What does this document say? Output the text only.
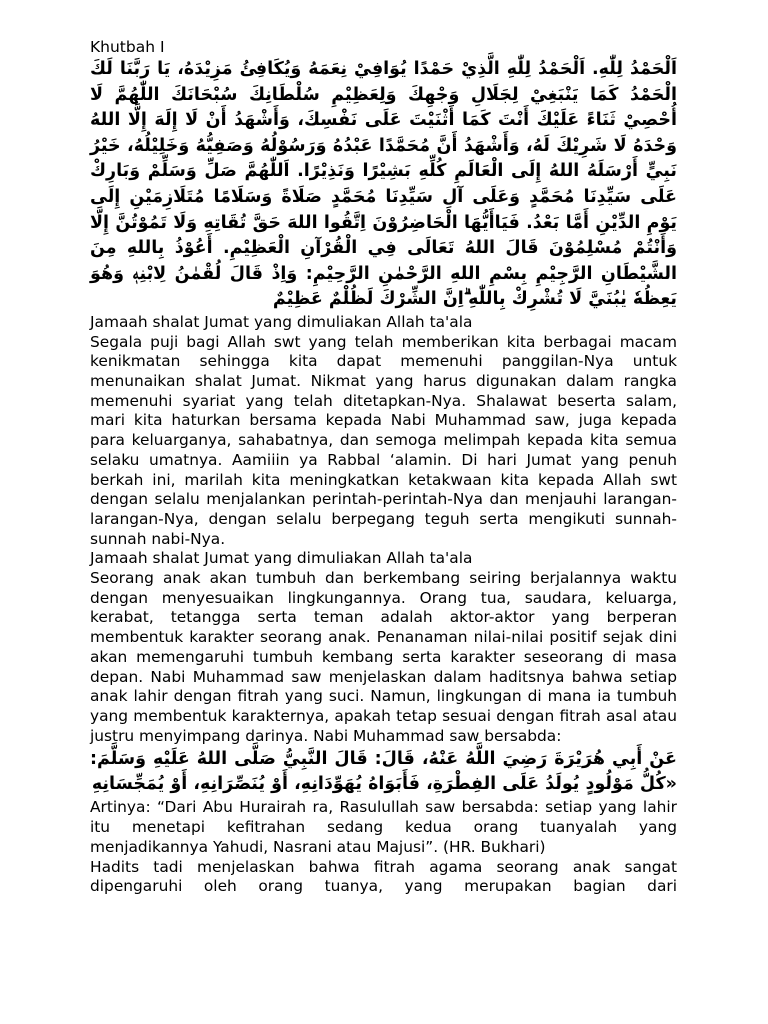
Khutbah I

اَلْحَمْدُ لِلّٰهِ. اَلْحَمْدُ لِلّٰهِ الَّذِيْ حَمْدًا يُوَافِيْ نِعَمَهُ وَيُكَافِئُ مَزِيْدَهُ، يَا رَبَّنَا لَكَ الْحَمْدُ كَمَا يَنْبَغِيْ لِجَلَالِ وَجْهِكَ وَلِعَظِيْمِ سُلْطَانِكَ سُبْحَانَكَ اللّٰهُمَّ لَا أُحْصِيْ ثَنَاءً عَلَيْكَ أَنْتَ كَمَا أَثْنَيْتَ عَلَى نَفْسِكَ، وَأَشْهَدُ أَنْ لَا إِلَهَ إِلَّا اللهُ وَحْدَهُ لَا شَرِيْكَ لَهُ، وَأَشْهَدُ أَنَّ مُحَمَّدًا عَبْدُهُ وَرَسُوْلُهُ وَصَفِيُّهُ وَخَلِيْلُهُ، خَيْرُ نَبِيٍّ أَرْسَلَهُ اللهُ إِلَى الْعَالَمِ كُلِّهِ بَشِيْرًا وَنَذِيْرًا. اَللّٰهُمَّ صَلِّ وَسَلِّمْ وَبَارِكْ عَلَى سَيِّدِنَا مُحَمَّدٍ وَعَلَى آلِ سَيِّدِنَا مُحَمَّدٍ صَلَاةً وَسَلَامًا مُتَلَازِمَيْنِ إِلَى يَوْمِ الدِّيْنِ أَمَّا بَعْدُ. فَيَاأَيُّهَا الْحَاضِرُوْنَ اِتَّقُوا اللهَ حَقَّ تُقَاتِهِ وَلَا تَمُوْتُنَّ إِلَّا وَأَنْتُمْ مُسْلِمُوْنَ قَالَ اللهُ تَعَالَى فِي الْقُرْآنِ الْعَظِيْمِ. أَعُوْذُ بِاللهِ مِنَ الشَّيْطَانِ الرَّجِيْمِ بِسْمِ اللهِ الرَّحْمٰنِ الرَّحِيْمِ: وَاِذْ قَالَ لُقْمٰنُ لِابْنِهٖ وَهُوَ يَعِظُهٗ يٰبُنَيَّ لَا تُشْرِكْ بِاللّٰهِ ۗاِنَّ الشِّرْكَ لَظُلْمٌ عَظِيْمٌ

Jamaah shalat Jumat yang dimuliakan Allah ta'ala

Segala puji bagi Allah swt yang telah memberikan kita berbagai macam kenikmatan sehingga kita dapat memenuhi panggilan-Nya untuk menunaikan shalat Jumat. Nikmat yang harus digunakan dalam rangka memenuhi syariat yang telah ditetapkan-Nya. Shalawat beserta salam, mari kita haturkan bersama kepada Nabi Muhammad saw, juga kepada para keluarganya, sahabatnya, dan semoga melimpah kepada kita semua selaku umatnya. Aamiiin ya Rabbal ‘alamin. Di hari Jumat yang penuh berkah ini, marilah kita meningkatkan ketakwaan kita kepada Allah swt dengan selalu menjalankan perintah-perintah-Nya dan menjauhi larangan-larangan-Nya, dengan selalu berpegang teguh serta mengikuti sunnah-sunnah nabi-Nya.

Jamaah shalat Jumat yang dimuliakan Allah ta'ala

Seorang anak akan tumbuh dan berkembang seiring berjalannya waktu dengan menyesuaikan lingkungannya. Orang tua, saudara, keluarga, kerabat, tetangga serta teman adalah aktor-aktor yang berperan membentuk karakter seorang anak. Penanaman nilai-nilai positif sejak dini akan memengaruhi tumbuh kembang serta karakter seseorang di masa depan. Nabi Muhammad saw menjelaskan dalam haditsnya bahwa setiap anak lahir dengan fitrah yang suci. Namun, lingkungan di mana ia tumbuh yang membentuk karakternya, apakah tetap sesuai dengan fitrah asal atau justru menyimpang darinya. Nabi Muhammad saw bersabda:

عَنْ أَبِي هُرَيْرَةَ رَضِيَ اللَّهُ عَنْهُ، قَالَ: قَالَ النَّبِيُّ صَلَّى اللهُ عَلَيْهِ وَسَلَّمَ: «كُلُّ مَوْلُودٍ يُولَدُ عَلَى الفِطْرَةِ، فَأَبَوَاهُ يُهَوِّدَانِهِ، أَوْ يُنَصِّرَانِهِ، أَوْ يُمَجِّسَانِهِ

Artinya: “Dari Abu Hurairah ra, Rasulullah saw bersabda: setiap yang lahir itu menetapi kefitrahan sedang kedua orang tuanyalah yang menjadikannya Yahudi, Nasrani atau Majusi”. (HR. Bukhari)

Hadits tadi menjelaskan bahwa fitrah agama seorang anak sangat dipengaruhi oleh orang tuanya, yang merupakan bagian dari
